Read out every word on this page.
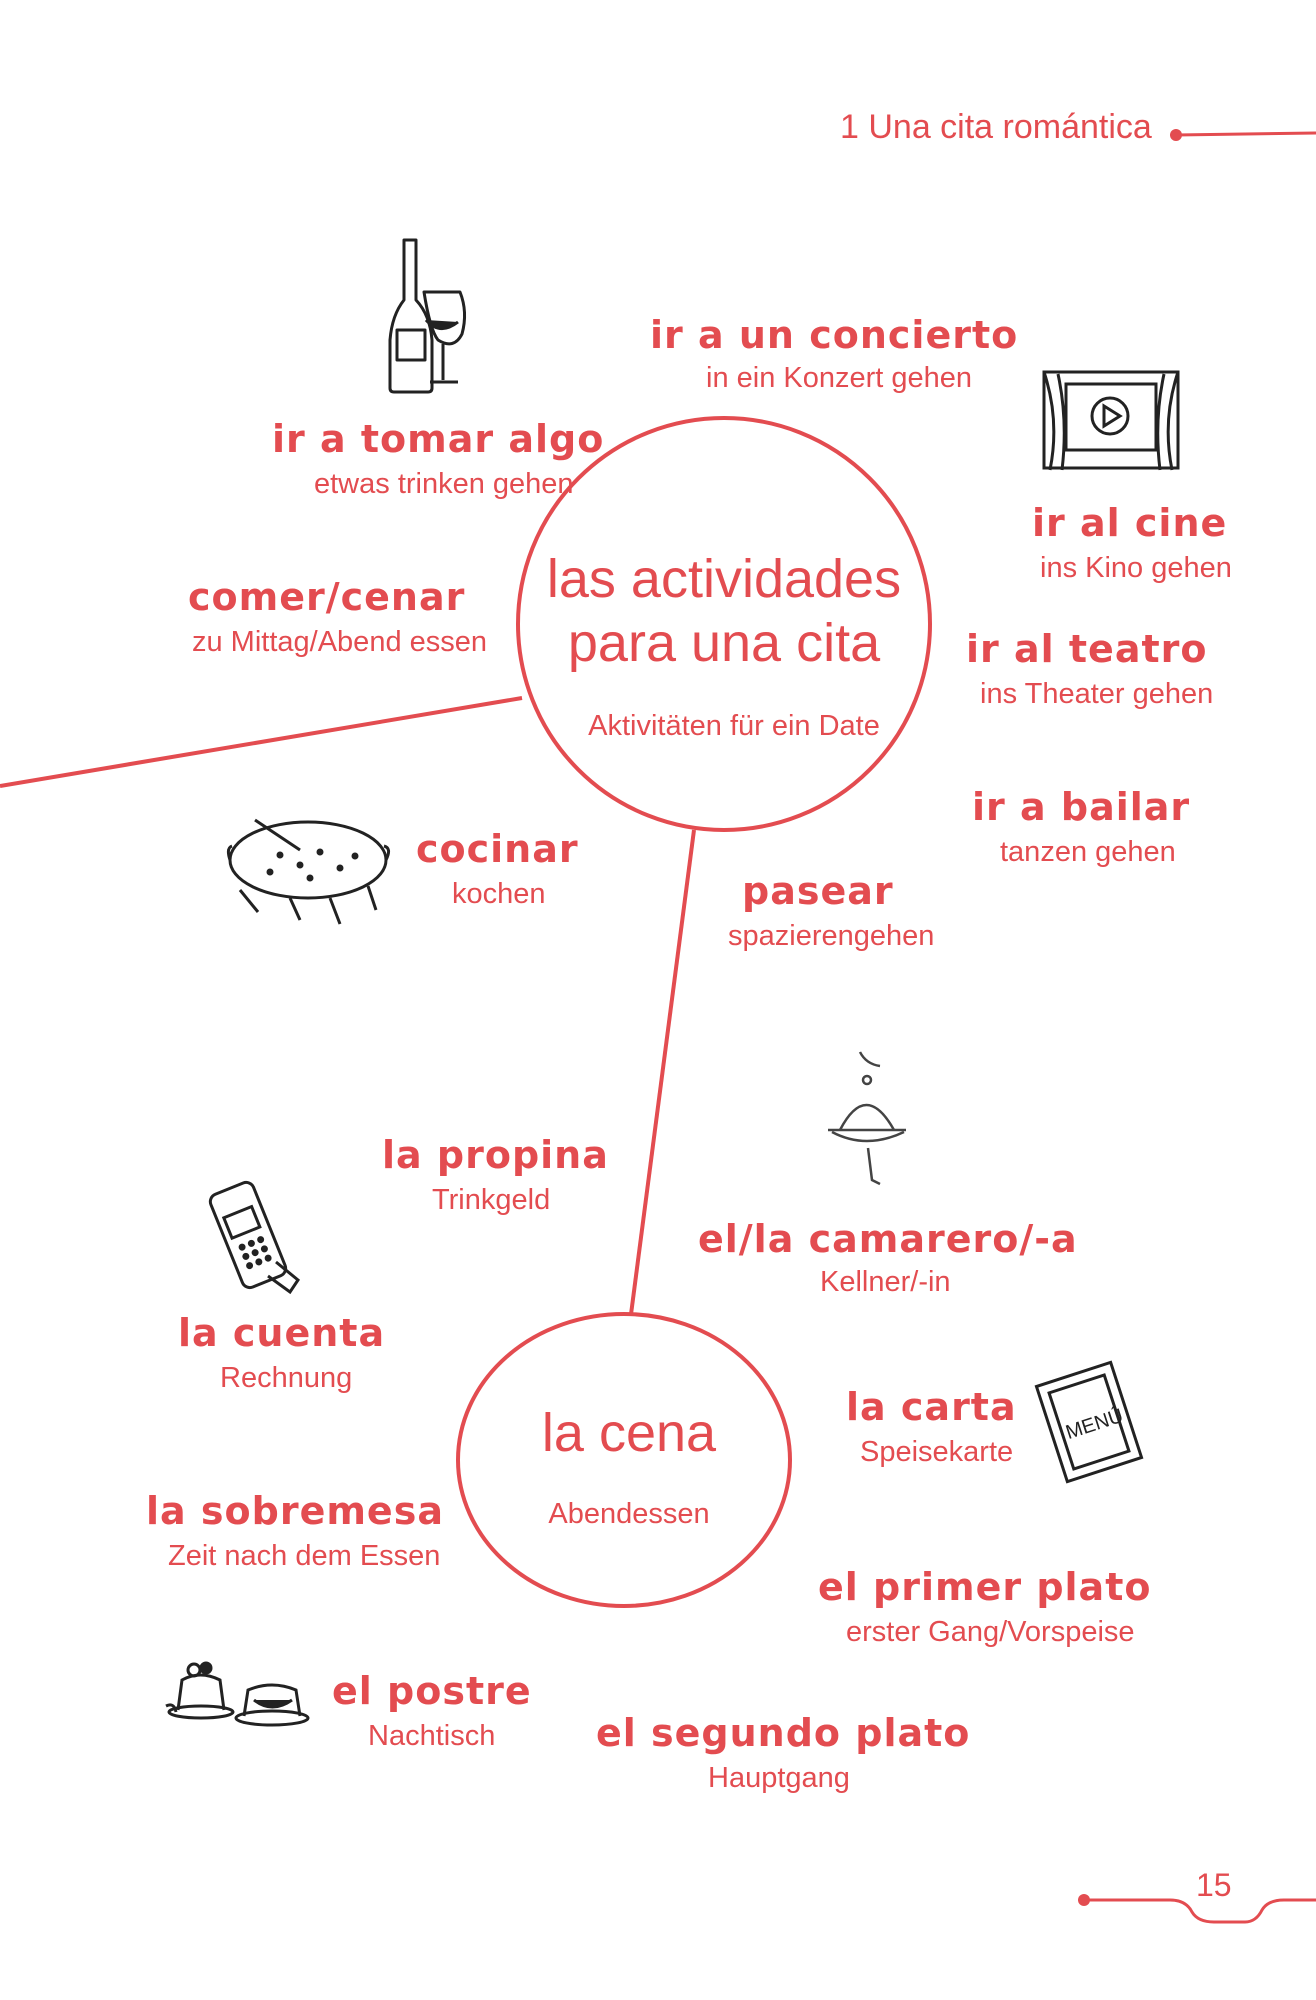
MENÚ
1 Una cita romántica
15
las actividades
para una cita
Aktivitäten für ein Date
la cena
Abendessen
ir a tomar algo
etwas trinken gehen
ir a un concierto
in ein Konzert gehen
ir al cine
ins Kino gehen
comer/cenar
zu Mittag/Abend essen	ir al teatro
ins Theater gehen
ir a bailar
tanzen gehen
cocinar
kochen	pasear
spazierengehen
la propina
Trinkgeld
el/la camarero/-a
Kellner/-in
la cuenta
Rechnung
la carta
Speisekarte
la sobremesa
Zeit nach dem Essen
el primer plato
erster Gang/Vorspeise
el postre
Nachtisch	el segundo plato
Hauptgang
